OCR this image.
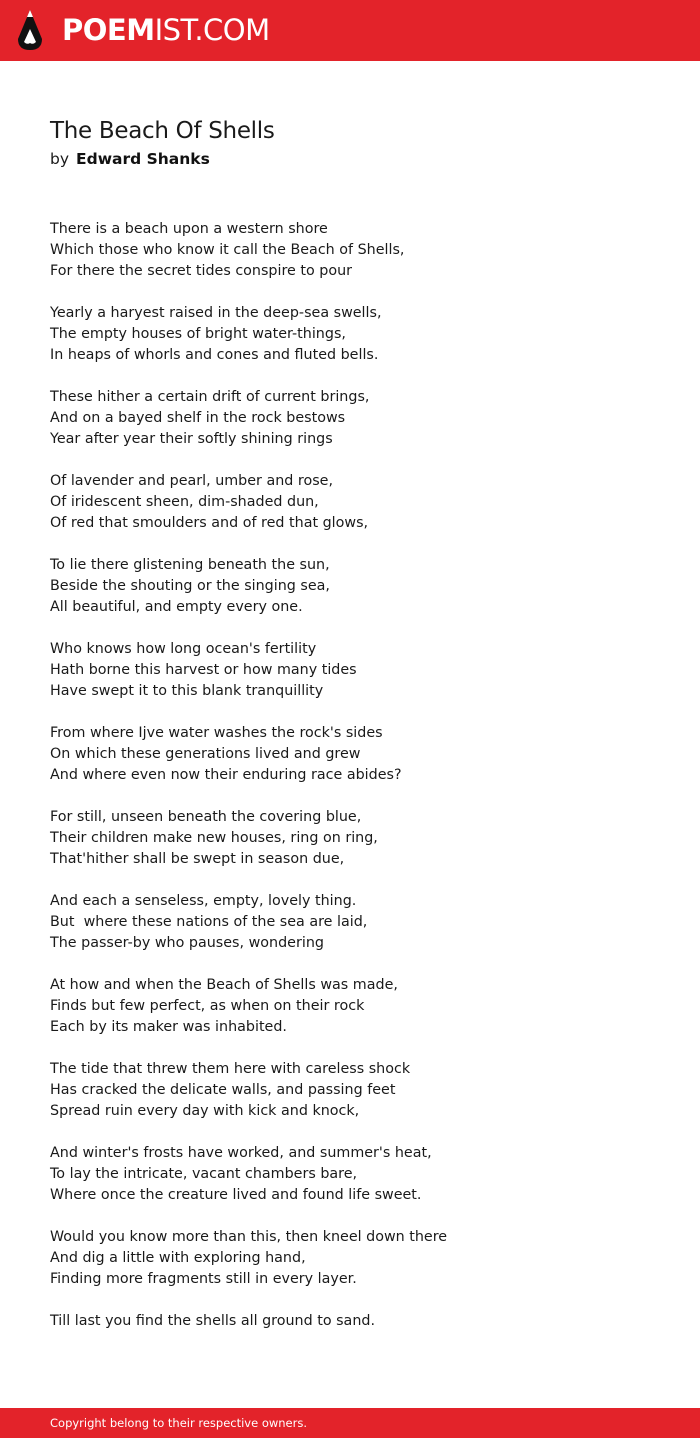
POEMIST.COM
The Beach Of Shells
by Edward Shanks
There is a beach upon a western shore
Which those who know it call the Beach of Shells,
For there the secret tides conspire to pour
Yearly a haryest raised in the deep-sea swells,
The empty houses of bright water-things,
In heaps of whorls and cones and fluted bells.
These hither a certain drift of current brings,
And on a bayed shelf in the rock bestows
Year after year their softly shining rings
Of lavender and pearl, umber and rose,
Of iridescent sheen, dim-shaded dun,
Of red that smoulders and of red that glows,
To lie there glistening beneath the sun,
Beside the shouting or the singing sea,
All beautiful, and empty every one.
Who knows how long ocean's fertility
Hath borne this harvest or how many tides
Have swept it to this blank tranquillity
From where Ijve water washes the rock's sides
On which these generations lived and grew
And where even now their enduring race abides?
For still, unseen beneath the covering blue,
Their children make new houses, ring on ring,
That'hither shall be swept in season due,
And each a senseless, empty, lovely thing.
But  where these nations of the sea are laid,
The passer-by who pauses, wondering
At how and when the Beach of Shells was made,
Finds but few perfect, as when on their rock
Each by its maker was inhabited.
The tide that threw them here with careless shock
Has cracked the delicate walls, and passing feet
Spread ruin every day with kick and knock,
And winter's frosts have worked, and summer's heat,
To lay the intricate, vacant chambers bare,
Where once the creature lived and found life sweet.
Would you know more than this, then kneel down there
And dig a little with exploring hand,
Finding more fragments still in every layer.
Till last you find the shells all ground to sand.
Copyright belong to their respective owners.
